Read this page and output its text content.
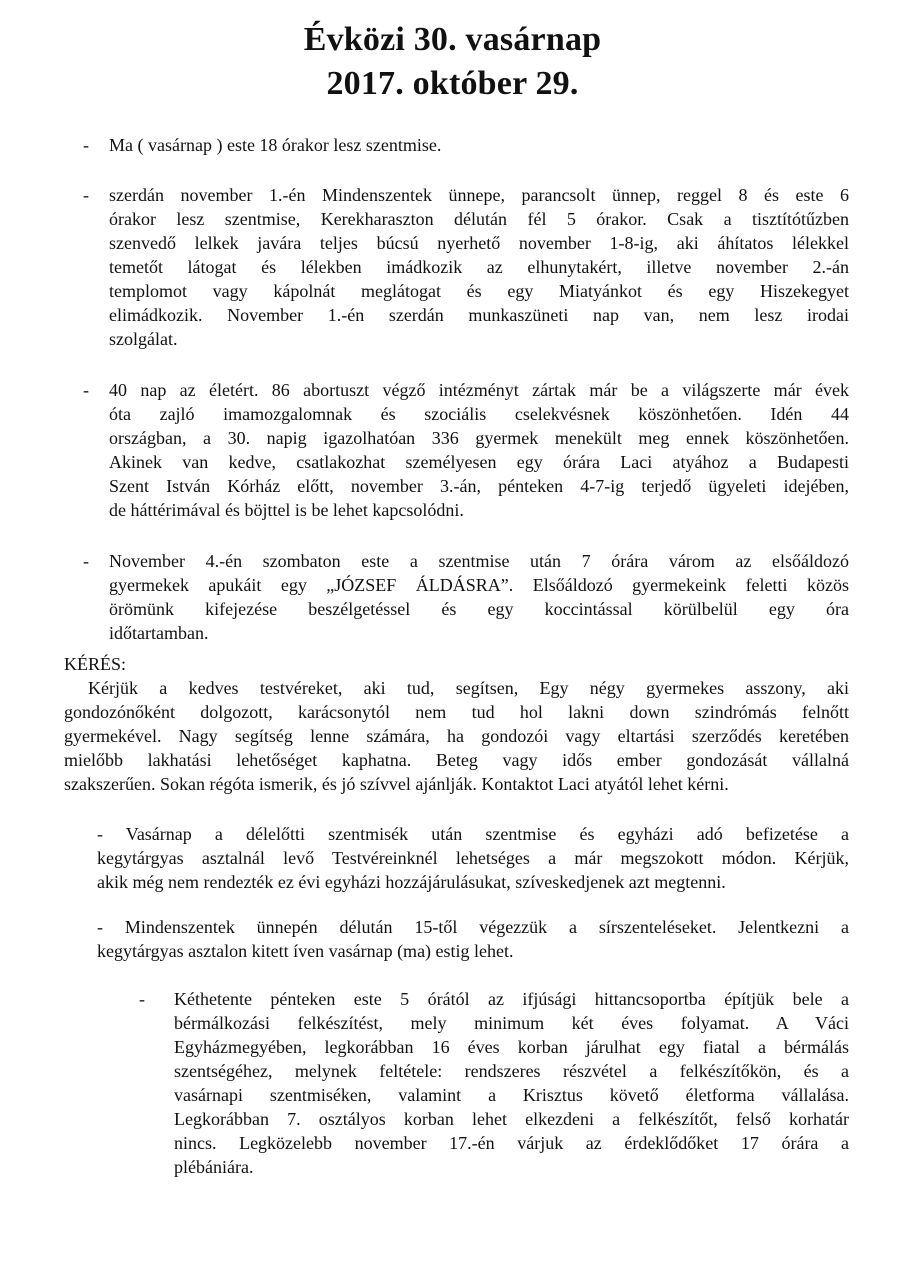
Évközi 30. vasárnap
2017. október 29.
- Ma ( vasárnap ) este 18 órakor lesz szentmise.
- szerdán november 1.-én Mindenszentek ünnepe, parancsolt ünnep, reggel 8 és este 6
órakor lesz szentmise, Kerekharaszton délután fél 5 órakor. Csak a tisztítótűzben
szenvedő lelkek javára teljes búcsú nyerhető november 1-8-ig, aki áhítatos lélekkel
temetőt látogat és lélekben imádkozik az elhunytakért, illetve november 2.-án
templomot vagy kápolnát meglátogat és egy Miatyánkot és egy Hiszekegyet
elimádkozik. November 1.-én szerdán munkaszüneti nap van, nem lesz irodai
szolgálat.
- 40 nap az életért. 86 abortuszt végző intézményt zártak már be a világszerte már évek
óta zajló imamozgalomnak és szociális cselekvésnek köszönhetően. Idén 44
országban, a 30. napig igazolhatóan 336 gyermek menekült meg ennek köszönhetően.
Akinek van kedve, csatlakozhat személyesen egy órára Laci atyához a Budapesti
Szent István Kórház előtt, november 3.-án, pénteken 4-7-ig terjedő ügyeleti idejében,
de háttérimával és böjttel is be lehet kapcsolódni.
- November 4.-én szombaton este a szentmise után 7 órára várom az elsőáldozó
gyermekek apukáit egy „JÓZSEF ÁLDÁSRA”. Elsőáldozó gyermekeink feletti közös
örömünk kifejezése beszélgetéssel és egy koccintással körülbelül egy óra
időtartamban.
KÉRÉS:
Kérjük a kedves testvéreket, aki tud, segítsen, Egy négy gyermekes asszony, aki
gondozónőként dolgozott, karácsonytól nem tud hol lakni down szindrómás felnőtt
gyermekével. Nagy segítség lenne számára, ha gondozói vagy eltartási szerződés keretében
mielőbb lakhatási lehetőséget kaphatna. Beteg vagy idős ember gondozását vállalná
szakszerűen. Sokan régóta ismerik, és jó szívvel ajánlják. Kontaktot Laci atyától lehet kérni.
- Vasárnap a délelőtti szentmisék után szentmise és egyházi adó befizetése a
kegytárgyas asztalnál levő Testvéreinknél lehetséges a már megszokott módon. Kérjük,
akik még nem rendezték ez évi egyházi hozzájárulásukat, szíveskedjenek azt megtenni.
- Mindenszentek ünnepén délután 15-től végezzük a sírszenteléseket. Jelentkezni a
kegytárgyas asztalon kitett íven vasárnap (ma) estig lehet.
- Kéthetente pénteken este 5 órától az ifjúsági hittancsoportba építjük bele a
bérmálkozási felkészítést, mely minimum két éves folyamat. A Váci
Egyházmegyében, legkorábban 16 éves korban járulhat egy fiatal a bérmálás
szentségéhez, melynek feltétele: rendszeres részvétel a felkészítőkön, és a
vasárnapi szentmiséken, valamint a Krisztus követő életforma vállalása.
Legkorábban 7. osztályos korban lehet elkezdeni a felkészítőt, felső korhatár
nincs. Legközelebb november 17.-én várjuk az érdeklődőket 17 órára a
plébániára.
